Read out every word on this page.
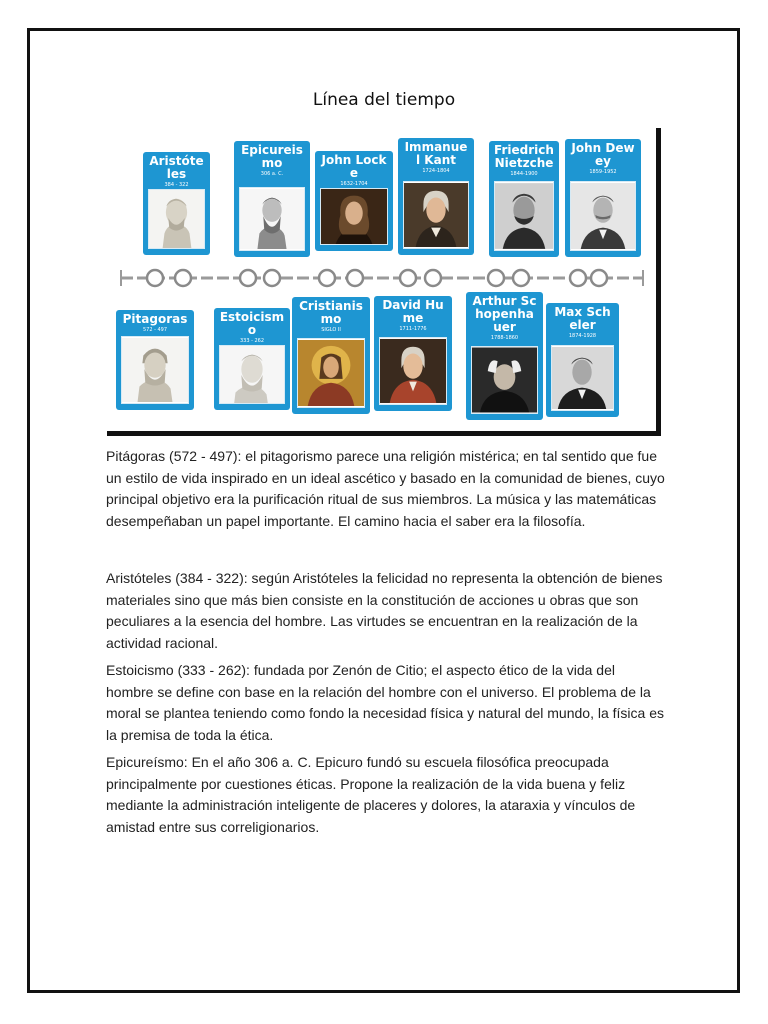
Línea del tiempo
Aristóteles
384 - 322
Epicureismo
306 a. C.
John Locke
1632-1704
Immanuel Kant
1724-1804
Friedrich Nietzche
1844-1900
John Dewey
1859-1952
Pitagoras
572 - 497
Estoicismo
333 - 262
Cristianismo
SIGLO II
David Hume
1711-1776
Arthur Schopenhauer
1788-1860
Max Scheler
1874-1928
Pitágoras (572 - 497): el pitagorismo parece una religión mistérica; en tal sentido que fue un estilo de vida inspirado en un ideal ascético y basado en la comunidad de bienes, cuyo principal objetivo era la purificación ritual de sus miembros. La música y las matemáticas desempeñaban un papel importante. El camino hacia el saber era la filosofía.
Aristóteles (384 - 322): según Aristóteles la felicidad no representa la obtención de bienes materiales sino que más bien consiste en la constitución de acciones u obras que son peculiares a la esencia del hombre. Las virtudes se encuentran en la realización de la actividad racional.
Estoicismo (333 - 262): fundada por Zenón de Citio; el aspecto ético de la vida del hombre se define con base en la relación del hombre con el universo. El problema de la moral se plantea teniendo como fondo la necesidad física y natural del mundo, la física es la premisa de toda la ética.
Epicureísmo: En el año 306 a. C. Epicuro fundó su escuela filosófica preocupada principalmente por cuestiones éticas. Propone la realización de la vida buena y feliz mediante la administración inteligente de placeres y dolores, la ataraxia y vínculos de amistad entre sus correligionarios.
